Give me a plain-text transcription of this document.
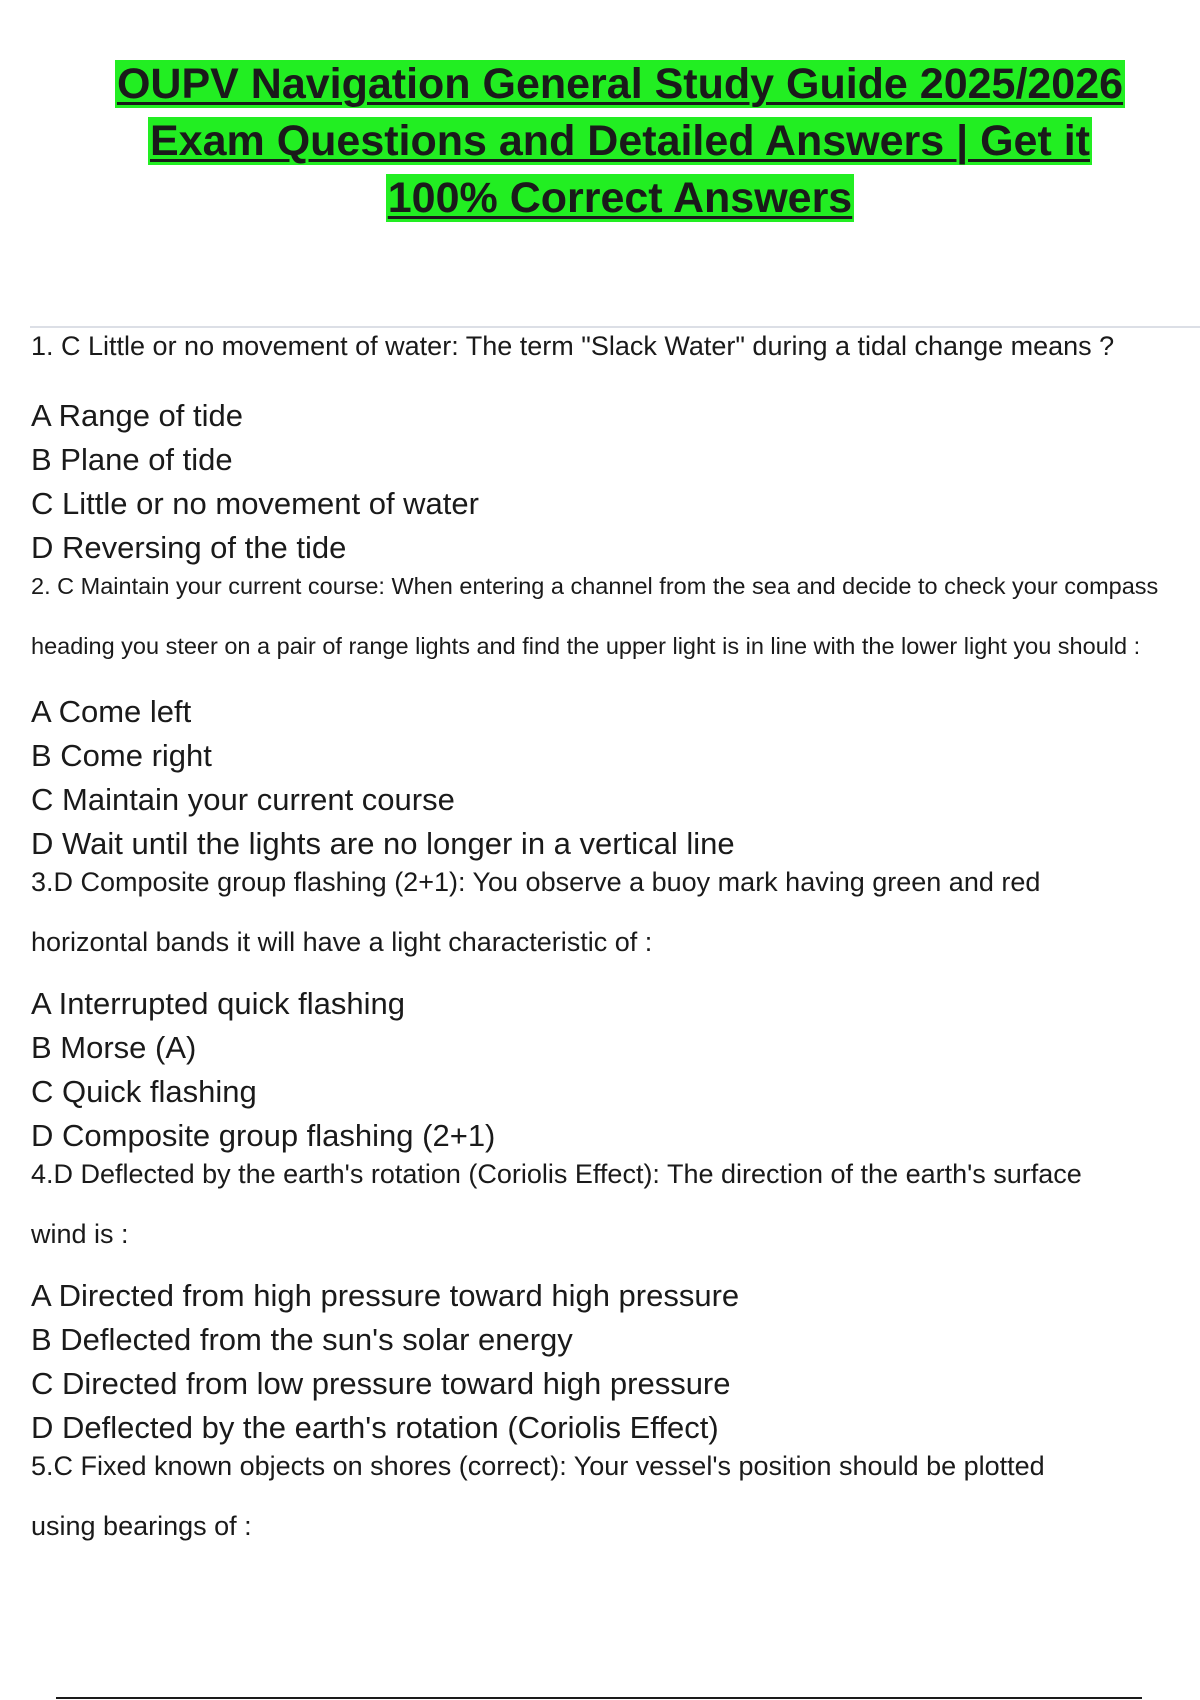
OUPV Navigation General Study Guide 2025/2026
Exam Questions and Detailed Answers | Get it
100% Correct Answers

1. C Little or no movement of water: The term "Slack Water" during a tidal change means ?

A Range of tide

B Plane of tide

C Little or no movement of water

D Reversing of the tide

2. C Maintain your current course: When entering a channel from the sea and decide to check your compass

heading you steer on a pair of range lights and find the upper light is in line with the lower light you should :

A Come left

B Come right

C Maintain your current course

D Wait until the lights are no longer in a vertical line

3.D Composite group flashing (2+1): You observe a buoy mark having green and red

horizontal bands it will have a light characteristic of :

A Interrupted quick flashing

B Morse (A)

C Quick flashing

D Composite group flashing (2+1)

4.D Deflected by the earth's rotation (Coriolis Effect): The direction of the earth's surface

wind is :

A Directed from high pressure toward high pressure

B Deflected from the sun's solar energy

C Directed from low pressure toward high pressure

D Deflected by the earth's rotation (Coriolis Effect)

5.C Fixed known objects on shores (correct): Your vessel's position should be plotted

using bearings of :
